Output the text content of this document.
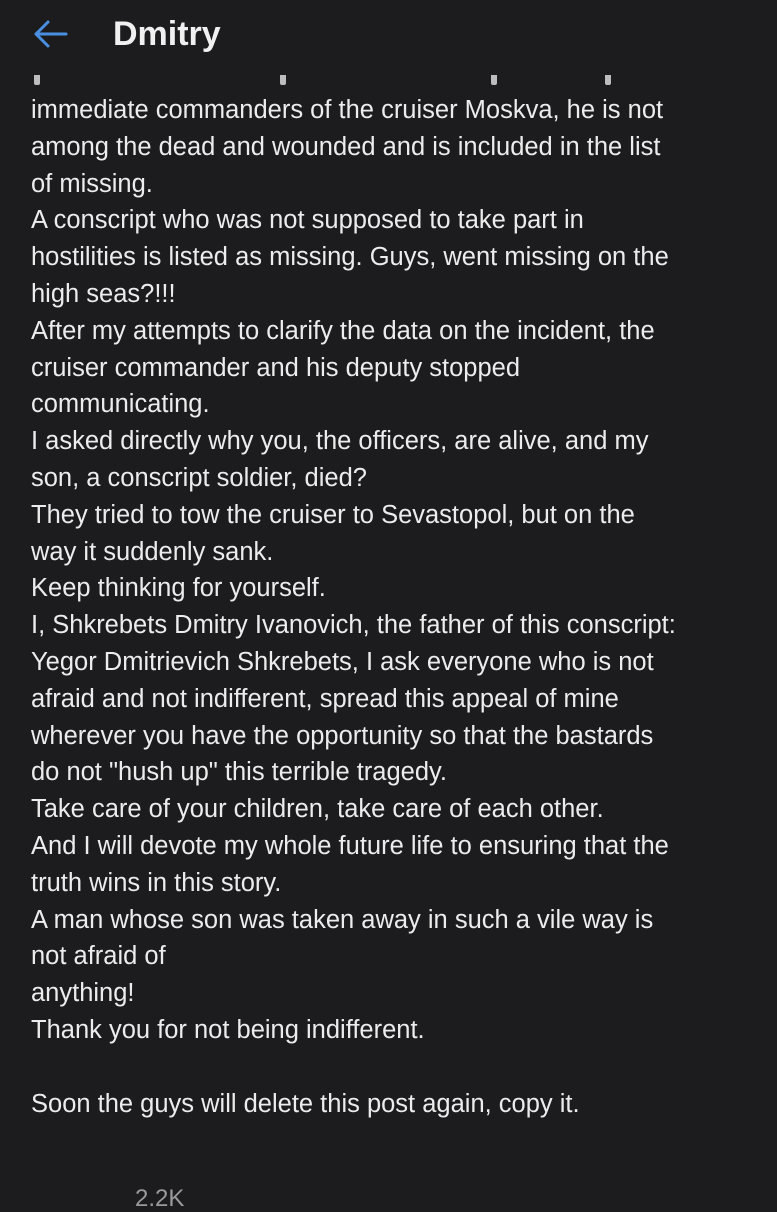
Dmitry

immediate commanders of the cruiser Moskva, he is not

among the dead and wounded and is included in the list

of missing.

A conscript who was not supposed to take part in

hostilities is listed as missing. Guys, went missing on the

high seas?!!!

After my attempts to clarify the data on the incident, the

cruiser commander and his deputy stopped

communicating.

I asked directly why you, the officers, are alive, and my

son, a conscript soldier, died?

They tried to tow the cruiser to Sevastopol, but on the

way it suddenly sank.

Keep thinking for yourself.

I, Shkrebets Dmitry Ivanovich, the father of this conscript:

Yegor Dmitrievich Shkrebets, I ask everyone who is not

afraid and not indifferent, spread this appeal of mine

wherever you have the opportunity so that the bastards

do not "hush up" this terrible tragedy.

Take care of your children, take care of each other.

And I will devote my whole future life to ensuring that the

truth wins in this story.

A man whose son was taken away in such a vile way is

not afraid of

anything!

Thank you for not being indifferent.

Soon the guys will delete this post again, copy it.

2.2K
